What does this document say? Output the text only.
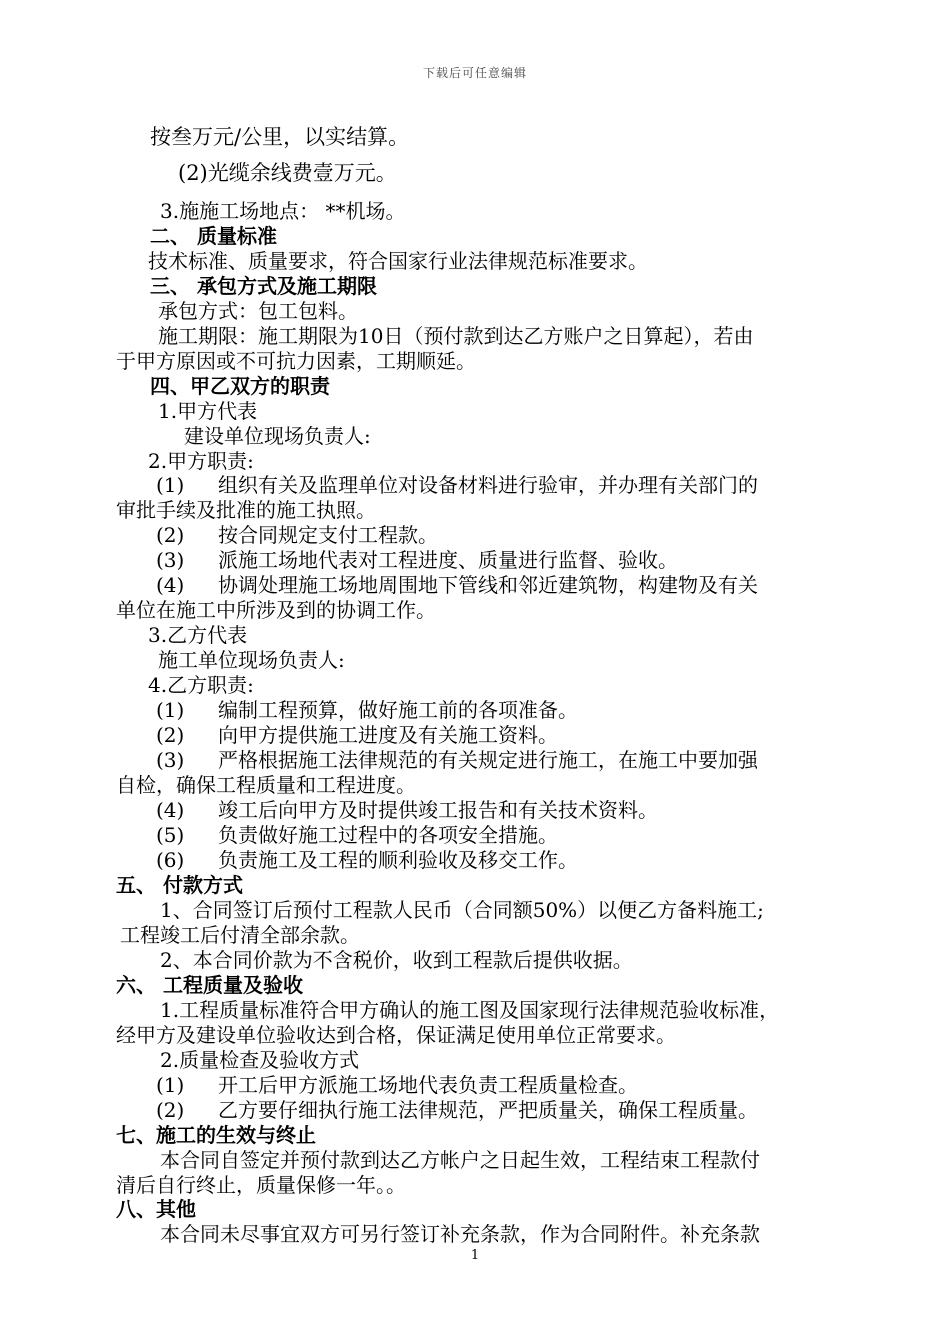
下载后可任意编辑
按叁万元/公里，以实结算。
(2)光缆余线费壹万元。
3.施施工场地点： **机场。
二、 质量标准
技术标准、质量要求，符合国家行业法律规范标准要求。
三、 承包方式及施工期限
承包方式：包工包料。
施工期限：施工期限为10日（预付款到达乙方账户之日算起），若由
于甲方原因或不可抗力因素，工期顺延。
四、甲乙双方的职责
1.甲方代表
建设单位现场负责人:
2.甲方职责:
(1) 组织有关及监理单位对设备材料进行验审，并办理有关部门的
审批手续及批准的施工执照。
(2) 按合同规定支付工程款。
(3) 派施工场地代表对工程进度、质量进行监督、验收。
(4) 协调处理施工场地周围地下管线和邻近建筑物，构建物及有关
单位在施工中所涉及到的协调工作。
3.乙方代表
施工单位现场负责人:
4.乙方职责:
(1) 编制工程预算，做好施工前的各项准备。
(2) 向甲方提供施工进度及有关施工资料。
(3) 严格根据施工法律规范的有关规定进行施工，在施工中要加强
自检，确保工程质量和工程进度。
(4) 竣工后向甲方及时提供竣工报告和有关技术资料。
(5) 负责做好施工过程中的各项安全措施。
(6) 负责施工及工程的顺利验收及移交工作。
五、 付款方式
1、合同签订后预付工程款人民币（合同额50%）以便乙方备料施工;
工程竣工后付清全部余款。
2、本合同价款为不含税价，收到工程款后提供收据。
六、 工程质量及验收
1.工程质量标准符合甲方确认的施工图及国家现行法律规范验收标准，
经甲方及建设单位验收达到合格，保证满足使用单位正常要求。
2.质量检查及验收方式
(1) 开工后甲方派施工场地代表负责工程质量检查。
(2) 乙方要仔细执行施工法律规范，严把质量关，确保工程质量。
七、施工的生效与终止
本合同自签定并预付款到达乙方帐户之日起生效，工程结束工程款付
清后自行终止，质量保修一年。。
八、其他
本合同未尽事宜双方可另行签订补充条款，作为合同附件。补充条款
1
